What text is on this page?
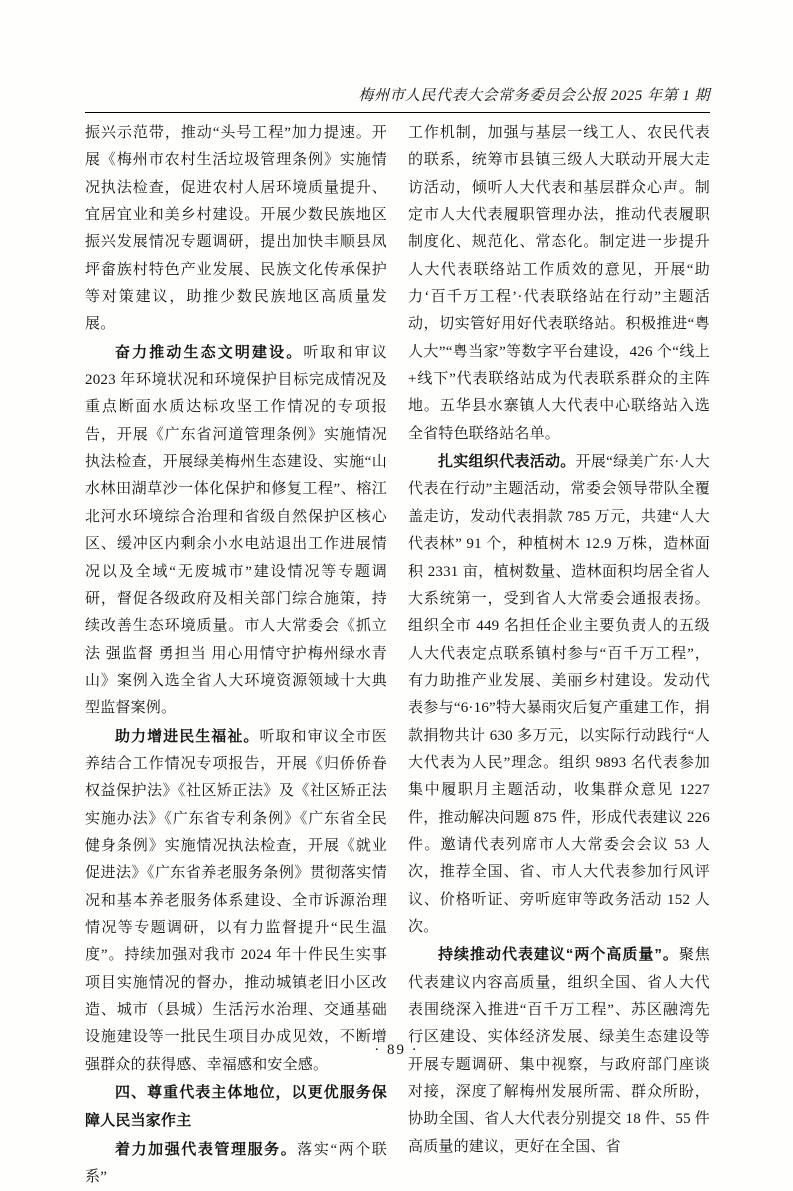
梅州市人民代表大会常务委员会公报 2025 年第 1 期

振兴示范带，推动“头号工程”加力提速。开展《梅州市农村生活垃圾管理条例》实施情况执法检查，促进农村人居环境质量提升、宜居宜业和美乡村建设。开展少数民族地区振兴发展情况专题调研，提出加快丰顺县凤坪畲族村特色产业发展、民族文化传承保护等对策建议，助推少数民族地区高质量发展。

奋力推动生态文明建设。听取和审议 2023 年环境状况和环境保护目标完成情况及重点断面水质达标攻坚工作情况的专项报告，开展《广东省河道管理条例》实施情况执法检查，开展绿美梅州生态建设、实施“山水林田湖草沙一体化保护和修复工程”、榕江北河水环境综合治理和省级自然保护区核心区、缓冲区内剩余小水电站退出工作进展情况以及全域“无废城市”建设情况等专题调研，督促各级政府及相关部门综合施策，持续改善生态环境质量。市人大常委会《抓立法 强监督 勇担当 用心用情守护梅州绿水青山》案例入选全省人大环境资源领域十大典型监督案例。

助力增进民生福祉。听取和审议全市医养结合工作情况专项报告，开展《归侨侨眷权益保护法》《社区矫正法》及《社区矫正法实施办法》《广东省专利条例》《广东省全民健身条例》实施情况执法检查，开展《就业促进法》《广东省养老服务条例》贯彻落实情况和基本养老服务体系建设、全市诉源治理情况等专题调研，以有力监督提升“民生温度”。持续加强对我市 2024 年十件民生实事项目实施情况的督办，推动城镇老旧小区改造、城市（县城）生活污水治理、交通基础设施建设等一批民生项目办成见效，不断增强群众的获得感、幸福感和安全感。

四、尊重代表主体地位，以更优服务保障人民当家作主

着力加强代表管理服务。落实“两个联系”

工作机制，加强与基层一线工人、农民代表的联系，统筹市县镇三级人大联动开展大走访活动，倾听人大代表和基层群众心声。制定市人大代表履职管理办法，推动代表履职制度化、规范化、常态化。制定进一步提升人大代表联络站工作质效的意见，开展“助力‘百千万工程’·代表联络站在行动”主题活动，切实管好用好代表联络站。积极推进“粤人大”“粤当家”等数字平台建设，426 个“线上+线下”代表联络站成为代表联系群众的主阵地。五华县水寨镇人大代表中心联络站入选全省特色联络站名单。

扎实组织代表活动。开展“绿美广东·人大代表在行动”主题活动，常委会领导带队全覆盖走访，发动代表捐款 785 万元，共建“人大代表林” 91 个，种植树木 12.9 万株，造林面积 2331 亩，植树数量、造林面积均居全省人大系统第一，受到省人大常委会通报表扬。组织全市 449 名担任企业主要负责人的五级人大代表定点联系镇村参与“百千万工程”，有力助推产业发展、美丽乡村建设。发动代表参与“6·16”特大暴雨灾后复产重建工作，捐款捐物共计 630 多万元，以实际行动践行“人大代表为人民”理念。组织 9893 名代表参加集中履职月主题活动，收集群众意见 1227 件，推动解决问题 875 件，形成代表建议 226 件。邀请代表列席市人大常委会会议 53 人次，推荐全国、省、市人大代表参加行风评议、价格听证、旁听庭审等政务活动 152 人次。

持续推动代表建议“两个高质量”。聚焦代表建议内容高质量，组织全国、省人大代表围绕深入推进“百千万工程”、苏区融湾先行区建设、实体经济发展、绿美生态建设等开展专题调研、集中视察，与政府部门座谈对接，深度了解梅州发展所需、群众所盼，协助全国、省人大代表分别提交 18 件、55 件高质量的建议，更好在全国、省

· 89 ·
